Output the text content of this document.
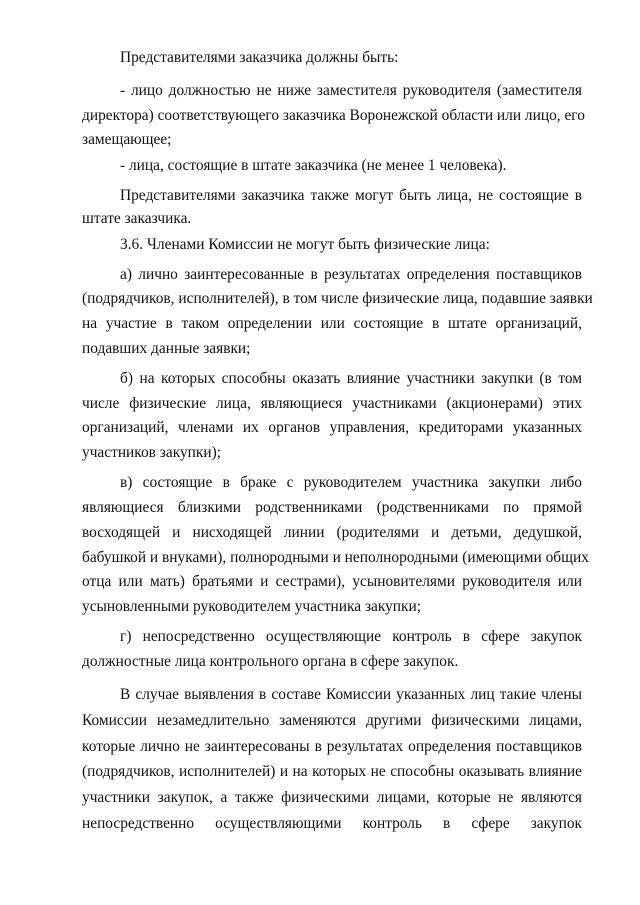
Представителями заказчика должны быть:
- лицо должностью не ниже заместителя руководителя (заместителя
директора) соответствующего заказчика Воронежской области или лицо, его
замещающее;
- лица, состоящие в штате заказчика (не менее 1 человека).
Представителями заказчика также могут быть лица, не состоящие в
штате заказчика.
3.6. Членами Комиссии не могут быть физические лица:
а) лично заинтересованные в результатах определения поставщиков
(подрядчиков, исполнителей), в том числе физические лица, подавшие заявки
на участие в таком определении или состоящие в штате организаций,
подавших данные заявки;
б) на которых способны оказать влияние участники закупки (в том
числе физические лица, являющиеся участниками (акционерами) этих
организаций, членами их органов управления, кредиторами указанных
участников закупки);
в) состоящие в браке с руководителем участника закупки либо
являющиеся близкими родственниками (родственниками по прямой
восходящей и нисходящей линии (родителями и детьми, дедушкой,
бабушкой и внуками), полнородными и неполнородными (имеющими общих
отца или мать) братьями и сестрами), усыновителями руководителя или
усыновленными руководителем участника закупки;
г) непосредственно осуществляющие контроль в сфере закупок
должностные лица контрольного органа в сфере закупок.
В случае выявления в составе Комиссии указанных лиц такие члены
Комиссии незамедлительно заменяются другими физическими лицами,
которые лично не заинтересованы в результатах определения поставщиков
(подрядчиков, исполнителей) и на которых не способны оказывать влияние
участники закупок, а также физическими лицами, которые не являются
непосредственно осуществляющими контроль в сфере закупок
